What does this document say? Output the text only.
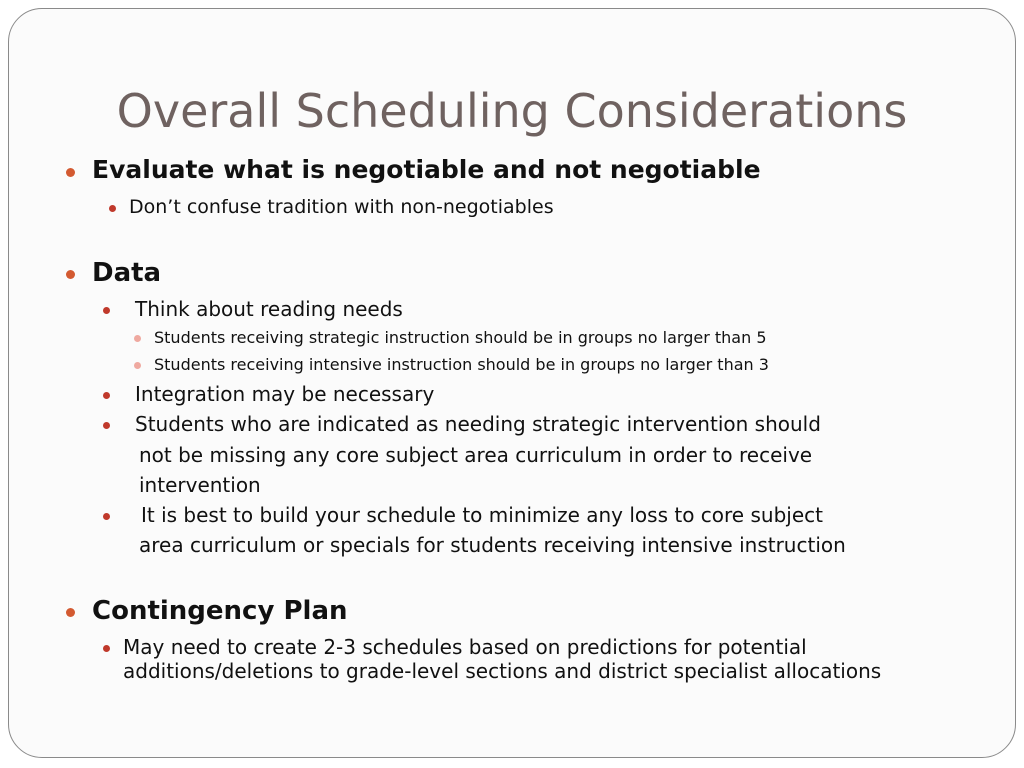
Overall Scheduling Considerations
Evaluate what is negotiable and not negotiable
Don’t confuse tradition with non-negotiables
Data
Think about reading needs
Students receiving strategic instruction should be in groups no larger than 5
Students receiving intensive instruction should be in groups no larger than 3
Integration may be necessary
Students who are indicated as needing strategic intervention should
not be missing any core subject area curriculum in order to receive
intervention
It is best to build your schedule to minimize any loss to core subject
area curriculum or specials for students receiving intensive instruction
Contingency Plan
May need to create 2-3 schedules based on predictions for potential
additions/deletions to grade-level sections and district specialist allocations
